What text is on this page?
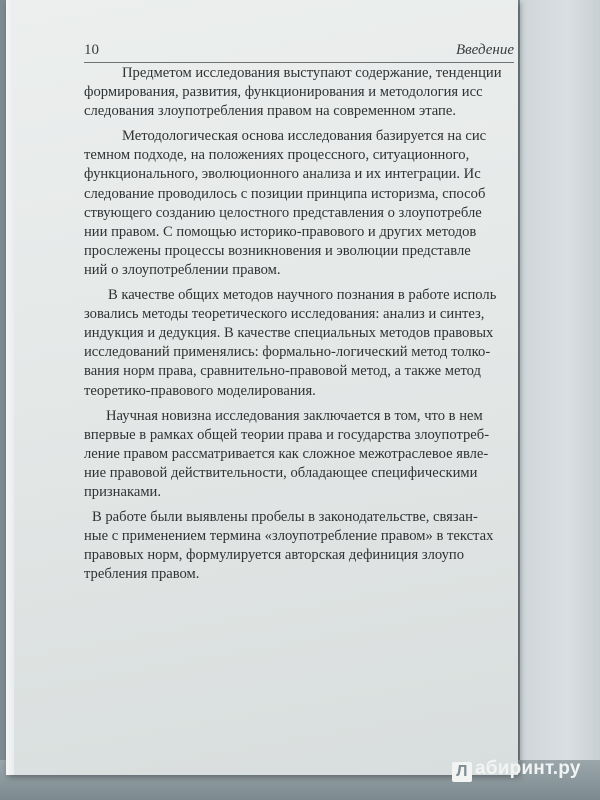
10	Введение
Предметом исследования выступают содержание, тенденции
формирования, развития, функционирования и методология исс
следования злоупотребления правом на современном этапе.
Методологическая основа исследования базируется на сис
темном подходе, на положениях процессного, ситуационного,
функционального, эволюционного анализа и их интеграции. Ис
следование проводилось с позиции принципа историзма, способ
ствующего созданию целостного представления о злоупотребле
нии правом. С помощью историко-правового и других методов
прослежены процессы возникновения и эволюции представле
ний о злоупотреблении правом.
В качестве общих методов научного познания в работе исполь
зовались методы теоретического исследования: анализ и синтез,
индукция и дедукция. В качестве специальных методов правовых
исследований применялись: формально-логический метод толко-
вания норм права, сравнительно-правовой метод, а также метод
теоретико-правового моделирования.
Научная новизна исследования заключается в том, что в нем
впервые в рамках общей теории права и государства злоупотреб-
ление правом рассматривается как сложное межотраслевое явле-
ние правовой действительности, обладающее специфическими
признаками.
В работе были выявлены пробелы в законодательстве, связан-
ные с применением термина «злоупотребление правом» в текстах
правовых норм, формулируется авторская дефиниция злоупо
требления правом.
Л абиринт.ру
